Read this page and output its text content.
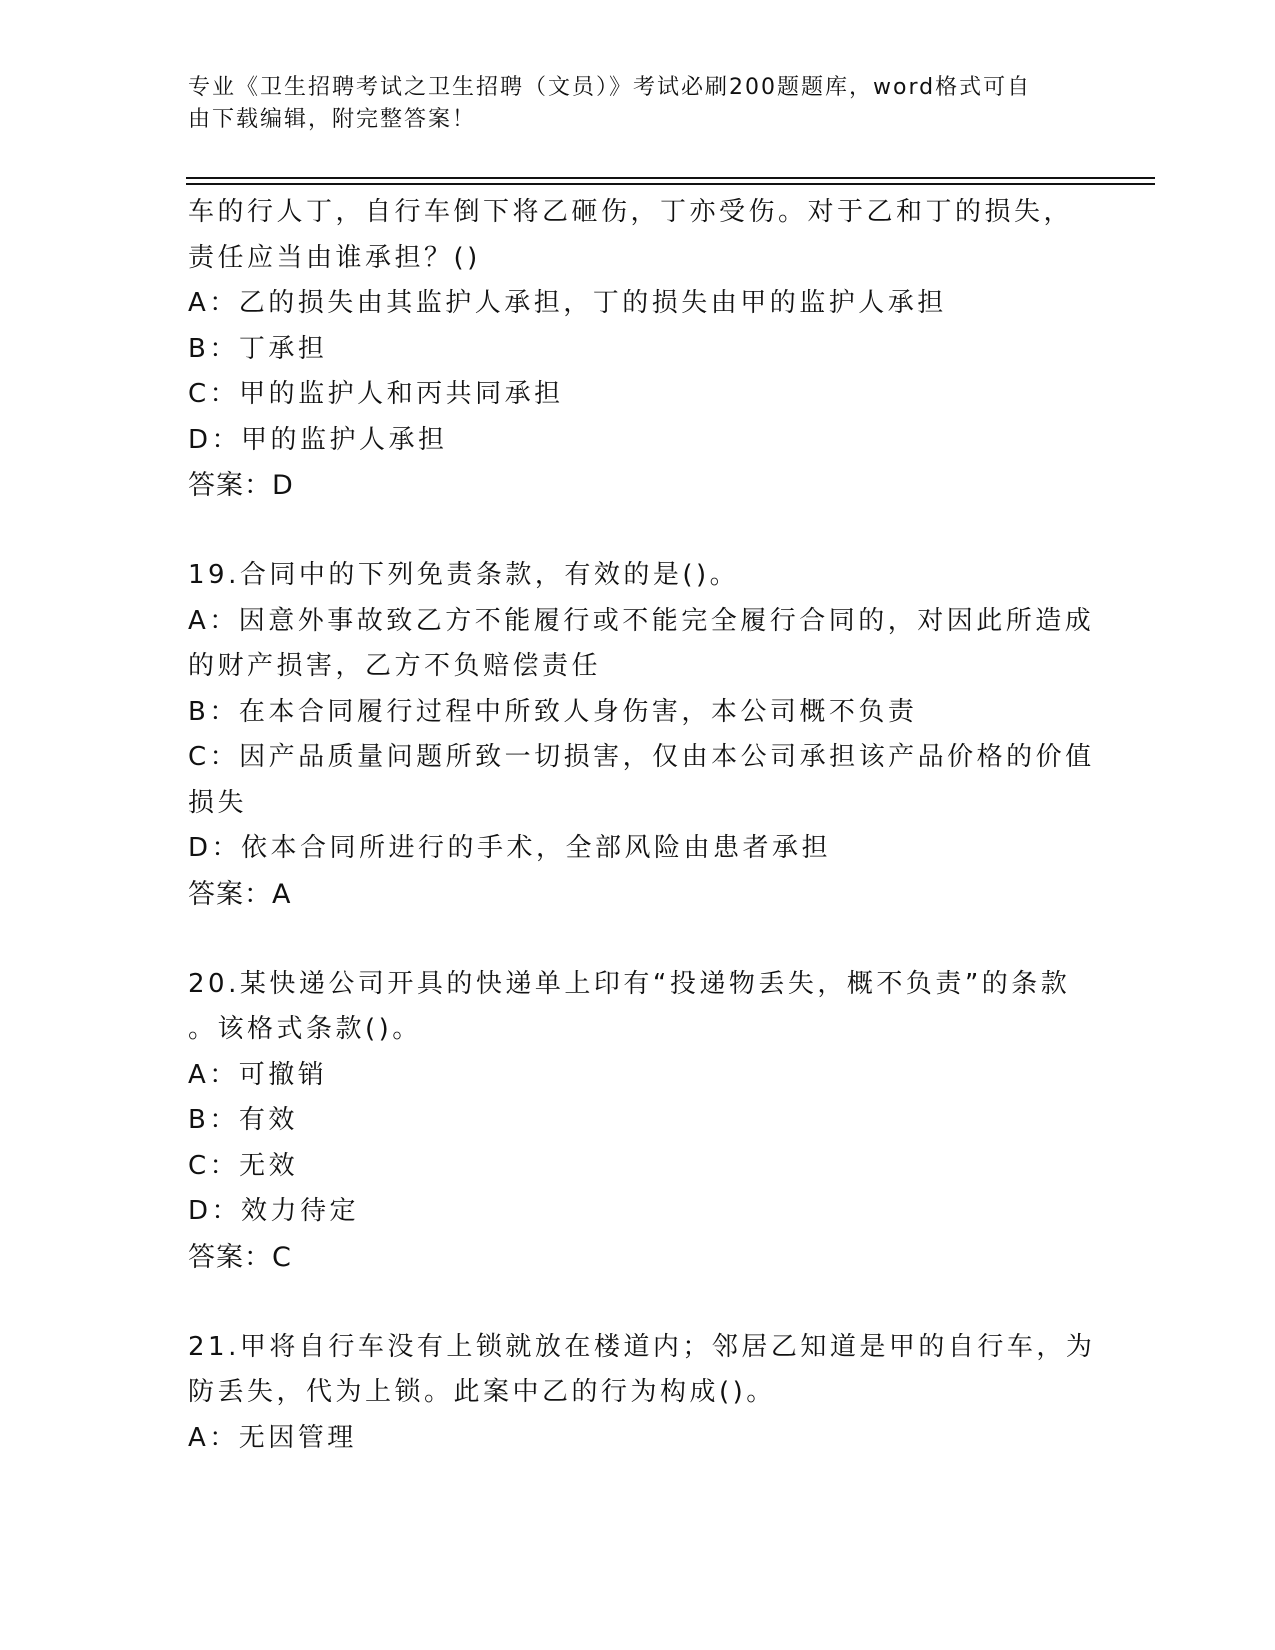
专业《卫生招聘考试之卫生招聘（文员）》考试必刷200题题库，word格式可自
由下载编辑，附完整答案！
车的行人丁，自行车倒下将乙砸伤，丁亦受伤。对于乙和丁的损失，
责任应当由谁承担？()
A：乙的损失由其监护人承担，丁的损失由甲的监护人承担
B：丁承担
C：甲的监护人和丙共同承担
D：甲的监护人承担
答案：D
19.合同中的下列免责条款，有效的是()。
A：因意外事故致乙方不能履行或不能完全履行合同的，对因此所造成
的财产损害，乙方不负赔偿责任
B：在本合同履行过程中所致人身伤害，本公司概不负责
C：因产品质量问题所致一切损害，仅由本公司承担该产品价格的价值
损失
D：依本合同所进行的手术，全部风险由患者承担
答案：A
20.某快递公司开具的快递单上印有“投递物丢失，概不负责”的条款
。该格式条款()。
A：可撤销
B：有效
C：无效
D：效力待定
答案：C
21.甲将自行车没有上锁就放在楼道内；邻居乙知道是甲的自行车，为
防丢失，代为上锁。此案中乙的行为构成()。
A：无因管理
